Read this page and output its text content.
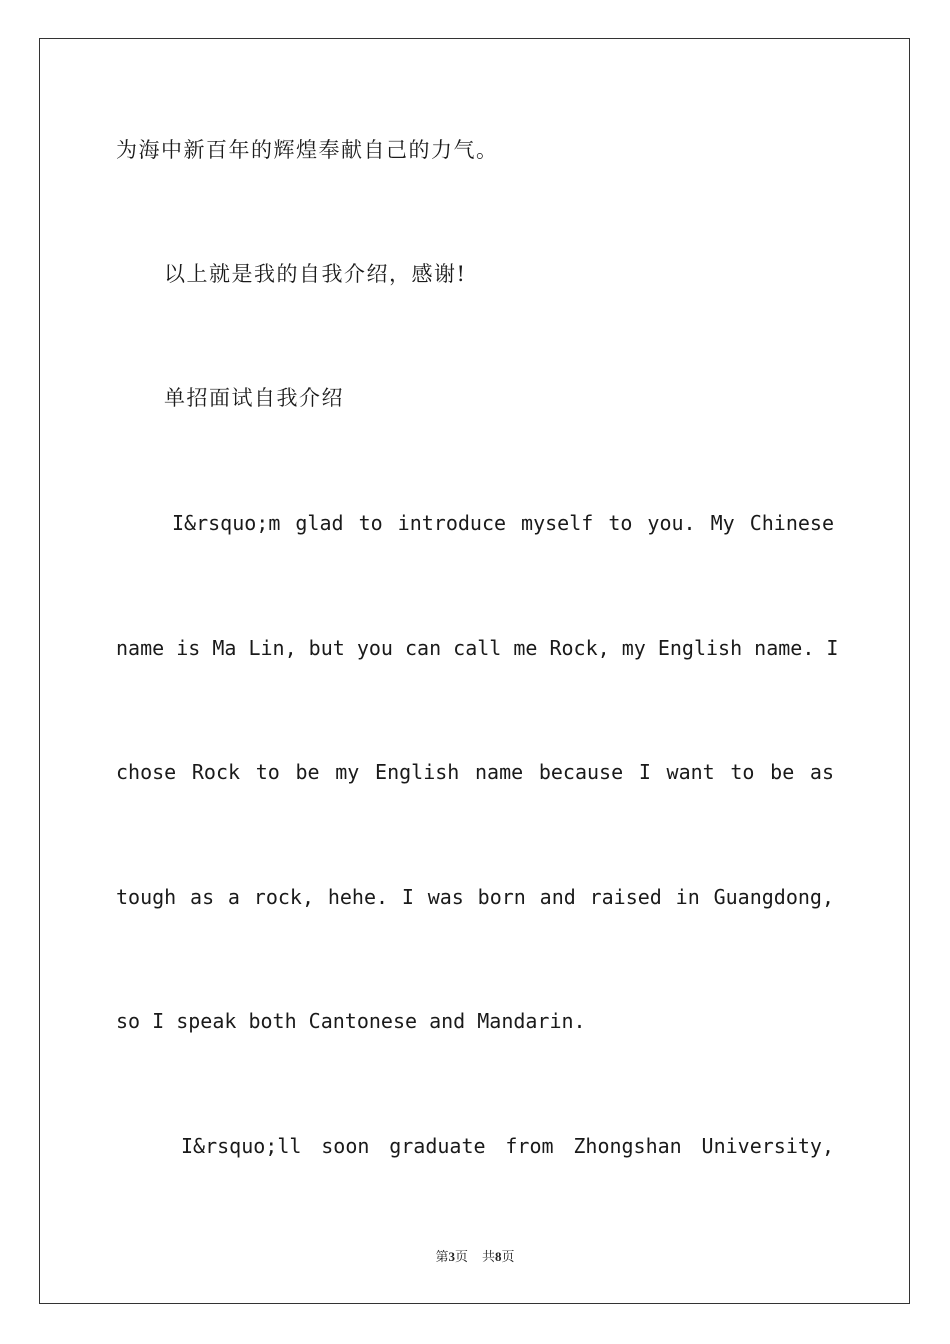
为海中新百年的辉煌奉献自己的力气。
以上就是我的自我介绍，感谢!
单招面试自我介绍
I&rsquo;m glad to introduce myself to you. My Chinese
name is Ma Lin, but you can call me Rock, my English name. I
chose Rock to be my English name because I want to be as
tough as a rock, hehe. I was born and raised in Guangdong,
so I speak both Cantonese and Mandarin.
I&rsquo;ll soon graduate from Zhongshan University,
第3页 共8页
